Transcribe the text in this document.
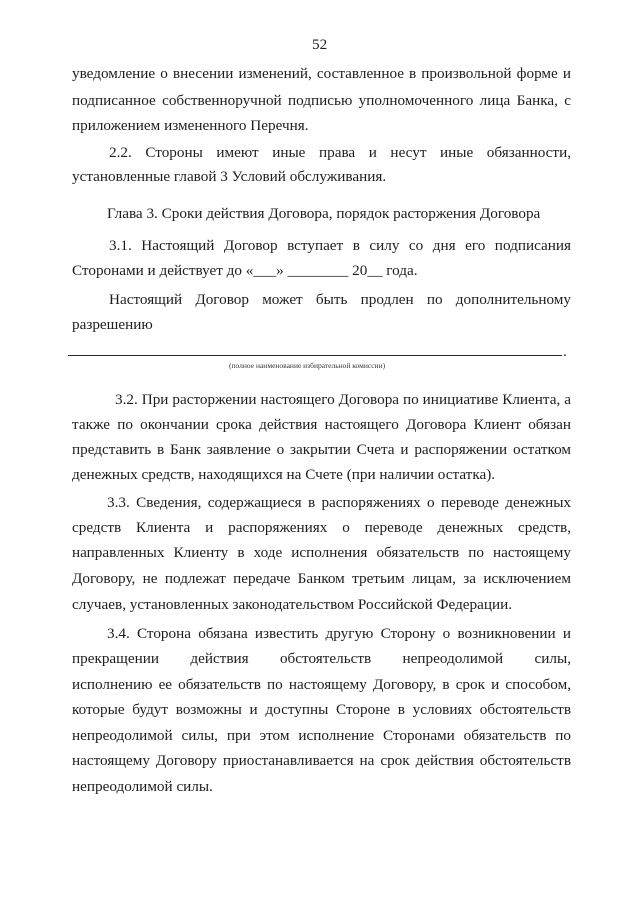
52
уведомление о внесении изменений, составленное в произвольной форме и
подписанное собственноручной подписью уполномоченного лица Банка, с
приложением измененного Перечня.
2.2. Стороны имеют иные права и несут иные обязанности,
установленные главой 3 Условий обслуживания.
Глава 3. Сроки действия Договора, порядок расторжения Договора
3.1. Настоящий Договор вступает в силу со дня его подписания
Сторонами и действует до «___» ________ 20__ года.
Настоящий Договор может быть продлен по дополнительному
разрешению
.
(полное наименование избирательной комиссии)
3.2. При расторжении настоящего Договора по инициативе Клиента, а
также по окончании срока действия настоящего Договора Клиент обязан
представить в Банк заявление о закрытии Счета и распоряжении остатком
денежных средств, находящихся на Счете (при наличии остатка).
3.3. Сведения, содержащиеся в распоряжениях о переводе денежных
средств Клиента и распоряжениях о переводе денежных средств,
направленных Клиенту в ходе исполнения обязательств по настоящему
Договору, не подлежат передаче Банком третьим лицам, за исключением
случаев, установленных законодательством Российской Федерации.
3.4. Сторона обязана известить другую Сторону о возникновении и
прекращении действия обстоятельств непреодолимой силы,
исполнению ее обязательств по настоящему Договору, в срок и способом,
которые будут возможны и доступны Стороне в условиях обстоятельств
непреодолимой силы, при этом исполнение Сторонами обязательств по
настоящему Договору приостанавливается на срок действия обстоятельств
непреодолимой силы.
